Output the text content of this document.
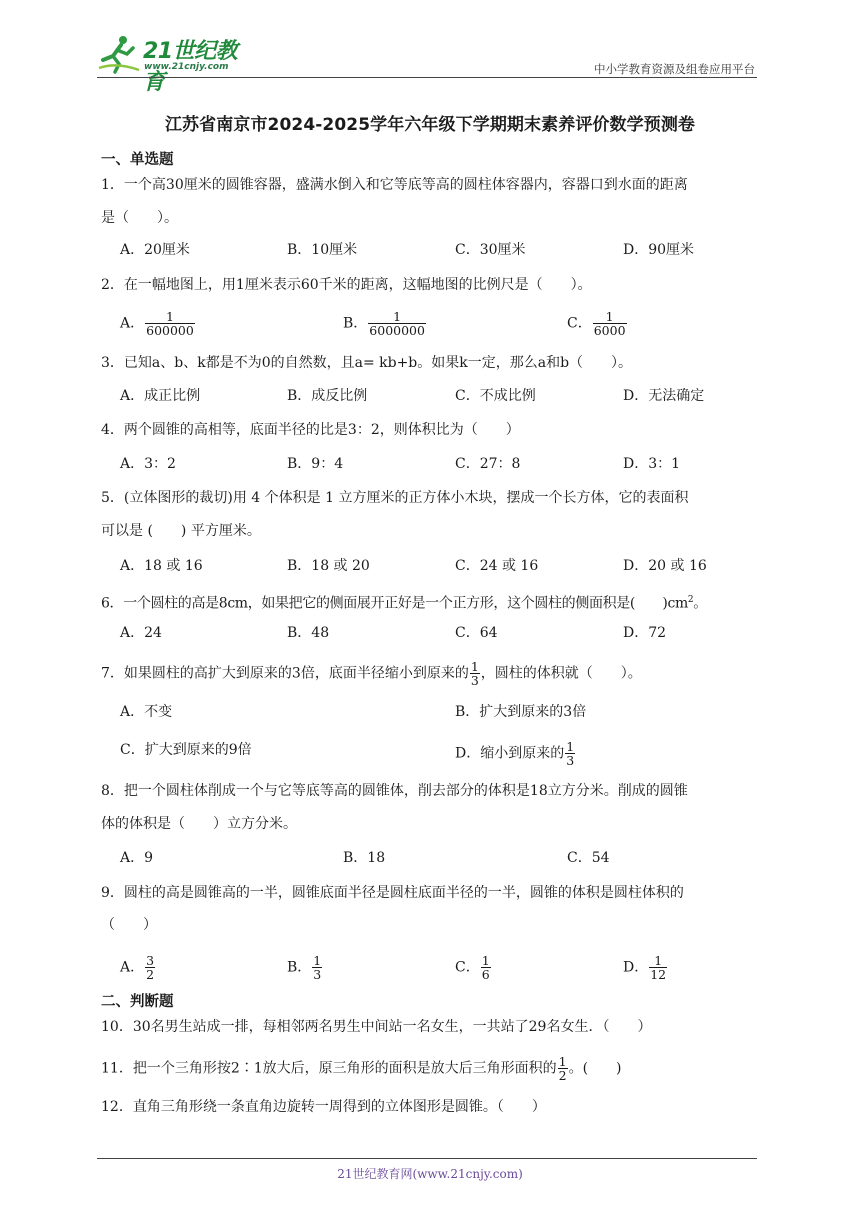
21世纪教育
www.21cnjy.com	中小学教育资源及组卷应用平台
江苏省南京市2024-2025学年六年级下学期期末素养评价数学预测卷
一、单选题
1．一个高30厘米的圆锥容器，盛满水倒入和它等底等高的圆柱体容器内，容器口到水面的距离
是（　　）。
A．20厘米	B．10厘米	C．30厘米	D．90厘米
2．在一幅地图上，用1厘米表示60千米的距离，这幅地图的比例尺是（　　）。
A． $\frac{1}{600000}$	B． $\frac{1}{6000000}$	C． $\frac{1}{6000}$
3．已知a、b、k都是不为0的自然数，且a= kb+b。如果k一定，那么a和b（　　）。
A．成正比例	B．成反比例	C．不成比例	D．无法确定
4．两个圆锥的高相等，底面半径的比是3：2，则体积比为（　　）
A．3：2	B．9：4	C．27：8	D．3：1
5．(立体图形的裁切)用 4 个体积是 1 立方厘米的正方体小木块，摆成一个长方体，它的表面积
可以是 (　　) 平方厘米。
A．18 或 16	B．18 或 20	C．24 或 16	D．20 或 16
6．一个圆柱的高是8cm，如果把它的侧面展开正好是一个正方形，这个圆柱的侧面积是(　　)$cm^2$。
A．24	B．48	C．64	D．72
7．如果圆柱的高扩大到原来的3倍，底面半径缩小到原来的 $\frac{1}{3}$ ，圆柱的体积就（　　）。
A．不变	B．扩大到原来的3倍
C．扩大到原来的9倍	D．缩小到原来的 $\frac{1}{3}$
8．把一个圆柱体削成一个与它等底等高的圆锥体，削去部分的体积是18立方分米。削成的圆锥
体的体积是（　　）立方分米。
A．9	B．18	C．54
9．圆柱的高是圆锥高的一半，圆锥底面半径是圆柱底面半径的一半，圆锥的体积是圆柱体积的
（　　）
A． $\frac{3}{2}$	B． $\frac{1}{3}$	C． $\frac{1}{6}$	D． $\frac{1}{12}$
二、判断题
10．30名男生站成一排，每相邻两名男生中间站一名女生，一共站了29名女生．（　　）
11．把一个三角形按2∶1放大后，原三角形的面积是放大后三角形面积的 $\frac{1}{2}$ 。(　　)
12．直角三角形绕一条直角边旋转一周得到的立体图形是圆锥。（　　）
21世纪教育网(www.21cnjy.com)
